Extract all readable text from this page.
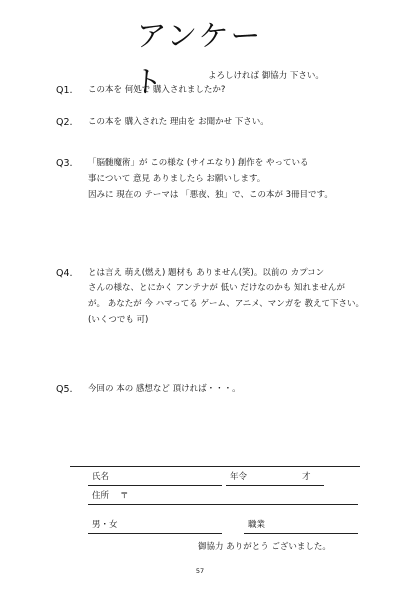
アンケート	よろしければ 御協力 下さい。
Q1.	この本を 何処で 購入されましたか?
Q2.	この本を 購入された 理由を お聞かせ 下さい。
Q3.	「脳髄魔術」が この様な (サイエなり) 創作を やっている
事について 意見 ありましたら お願いします。
因みに 現在の テーマは 「悪夜、独」で、この本が 3冊目です。
Q4.	とは言え 萌え(燃え) 題材も ありません(笑)。以前の カプコン
さんの様な、とにかく アンテナが 低い だけなのかも 知れませんが
が。 あなたが 今 ハマってる ゲーム、アニメ、マンガを 教えて下さい。
(いくつでも 可)
Q5.	今回の 本の 感想など 頂ければ・・・。
氏名	年令	才
住所 〒
男・女	職業
御協力 ありがとう ございました。
57
